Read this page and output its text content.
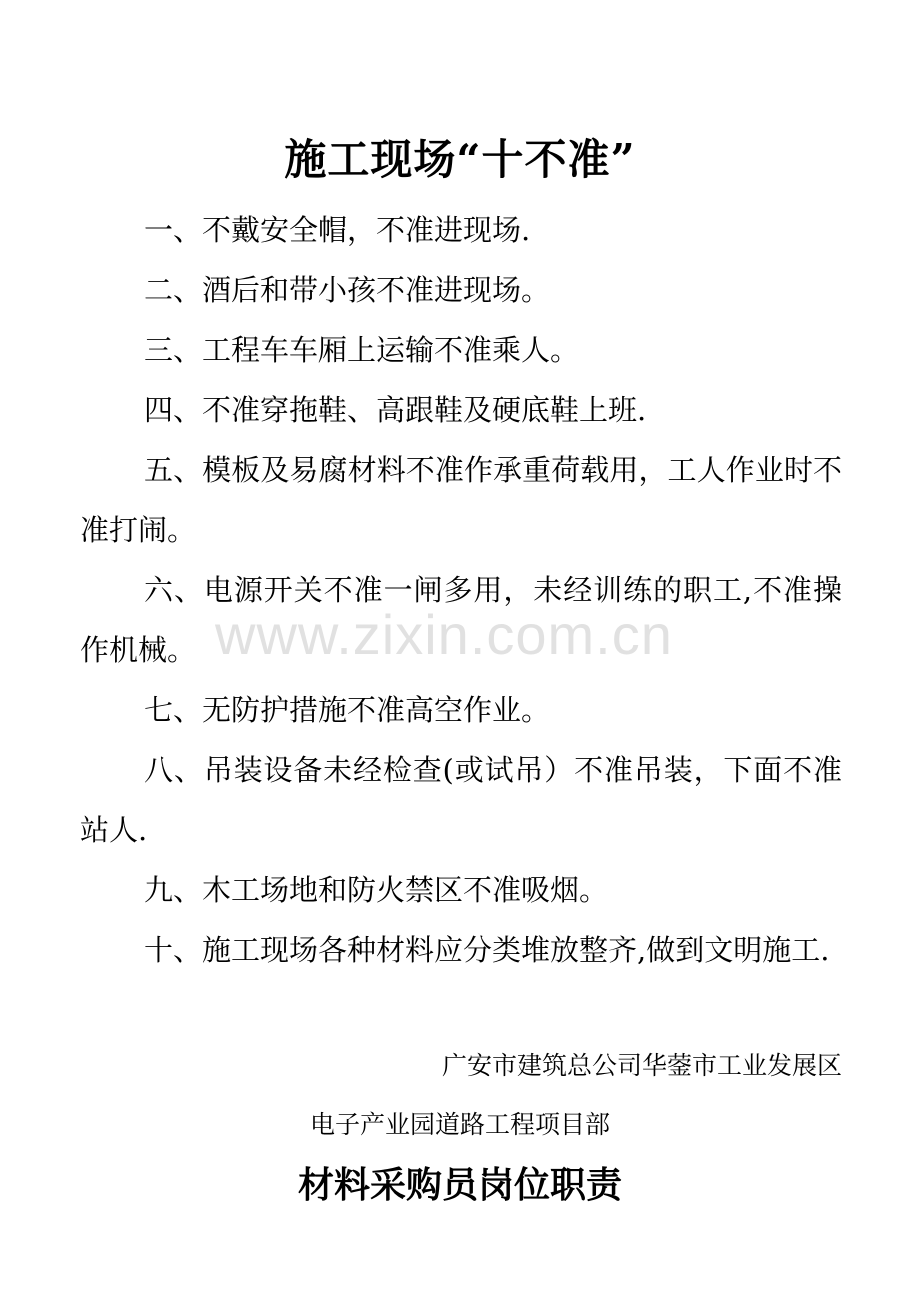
施工现场“十不准”

一、不戴安全帽，不准进现场.

二、酒后和带小孩不准进现场。

三、工程车车厢上运输不准乘人。

四、不准穿拖鞋、高跟鞋及硬底鞋上班.

五、模板及易腐材料不准作承重荷载用，工人作业时不准打闹。

六、电源开关不准一闸多用，未经训练的职工,不准操作机械。

七、无防护措施不准高空作业。

八、吊装设备未经检查(或试吊）不准吊装，下面不准站人.

九、木工场地和防火禁区不准吸烟。

十、施工现场各种材料应分类堆放整齐,做到文明施工.

广安市建筑总公司华蓥市工业发展区
电子产业园道路工程项目部
材料采购员岗位职责
www.zixin.com.cn
